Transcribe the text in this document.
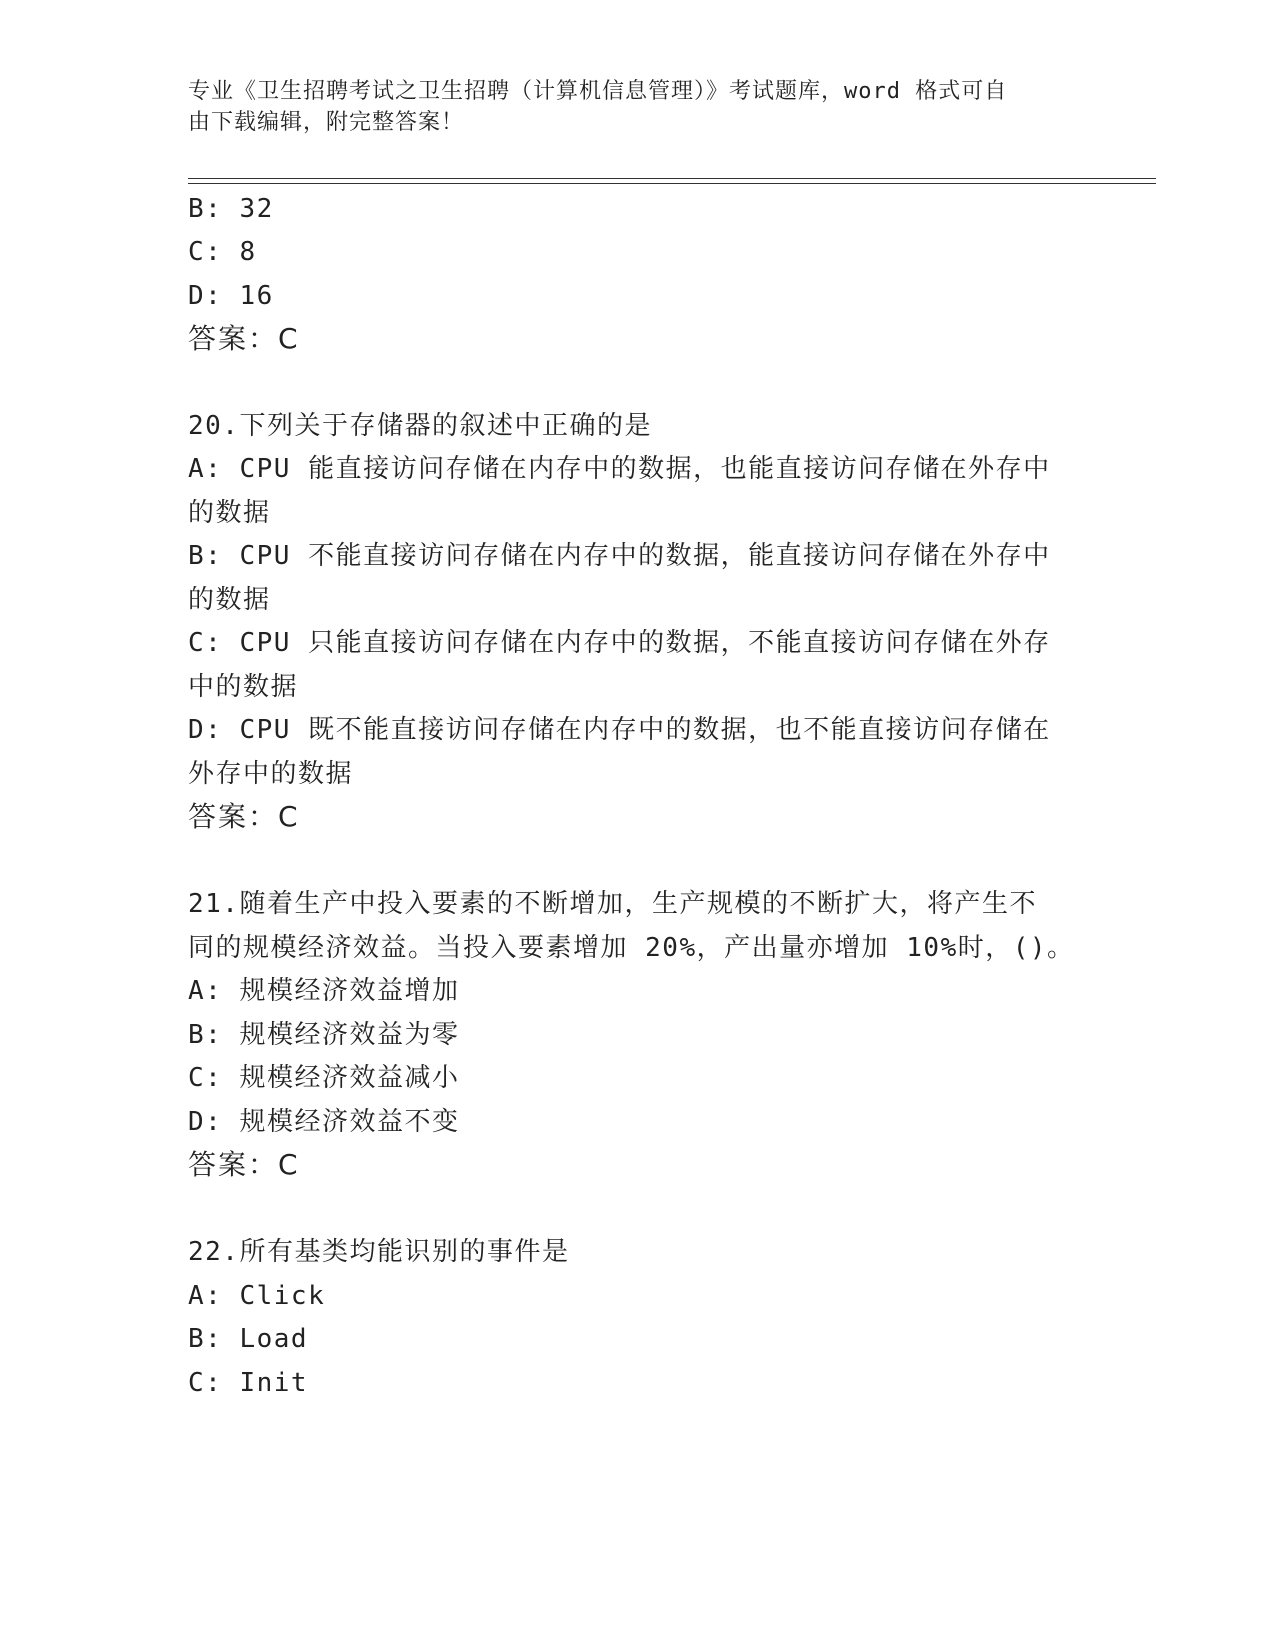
专业《卫生招聘考试之卫生招聘（计算机信息管理）》考试题库，word 格式可自
由下载编辑，附完整答案！
B: 32
C: 8
D: 16
答案：C
20.下列关于存储器的叙述中正确的是
A: CPU 能直接访问存储在内存中的数据，也能直接访问存储在外存中
的数据
B: CPU 不能直接访问存储在内存中的数据，能直接访问存储在外存中
的数据
C: CPU 只能直接访问存储在内存中的数据，不能直接访问存储在外存
中的数据
D: CPU 既不能直接访问存储在内存中的数据，也不能直接访问存储在
外存中的数据
答案：C
21.随着生产中投入要素的不断增加，生产规模的不断扩大，将产生不
同的规模经济效益。当投入要素增加 20%，产出量亦增加 10%时，()。
A: 规模经济效益增加
B: 规模经济效益为零
C: 规模经济效益减小
D: 规模经济效益不变
答案：C
22.所有基类均能识别的事件是
A: Click
B: Load
C: Init
